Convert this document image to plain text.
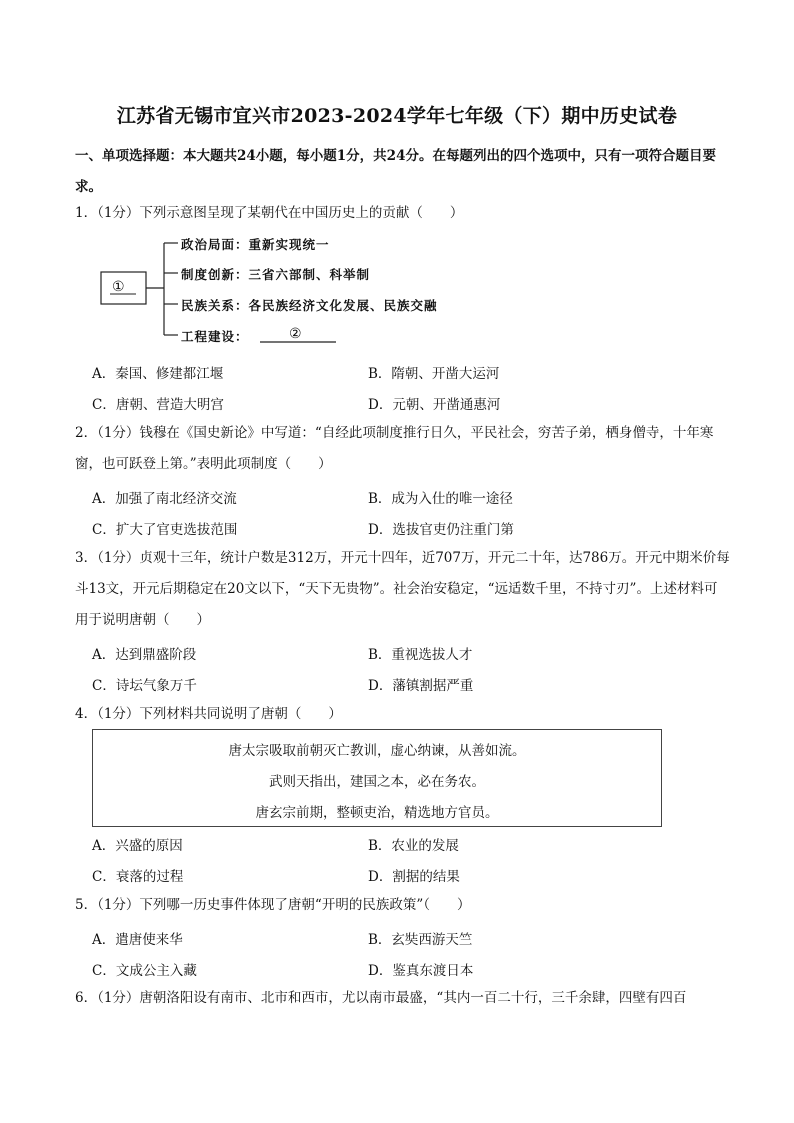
江苏省无锡市宜兴市2023-2024学年七年级（下）期中历史试卷
一、单项选择题：本大题共24小题，每小题1分，共24分。在每题列出的四个选项中，只有一项符合题目要求。
1．（1分）下列示意图呈现了某朝代在中国历史上的贡献（　　）
①
政治局面：重新实现统一
制度创新：三省六部制、科举制
民族关系：各民族经济文化发展、民族交融
工程建设：	②
A．秦国、修建都江堰	B．隋朝、开凿大运河
C．唐朝、营造大明宫	D．元朝、开凿通惠河
2．（1分）钱穆在《国史新论》中写道：“自经此项制度推行日久，平民社会，穷苦子弟，栖身僧寺，十年寒窗，也可跃登上第。”表明此项制度（　　）
A．加强了南北经济交流	B．成为入仕的唯一途径
C．扩大了官吏选拔范围	D．选拔官吏仍注重门第
3．（1分）贞观十三年，统计户数是312万，开元十四年，近707万，开元二十年，达786万。开元中期米价每斗13文，开元后期稳定在20文以下，“天下无贵物”。社会治安稳定，“远适数千里，不持寸刃”。上述材料可用于说明唐朝（　　）
A．达到鼎盛阶段	B．重视选拔人才
C．诗坛气象万千	D．藩镇割据严重
4．（1分）下列材料共同说明了唐朝（　　）
唐太宗吸取前朝灭亡教训，虚心纳谏，从善如流。
武则天指出，建国之本，必在务农。
唐玄宗前期，整顿吏治，精选地方官员。
A．兴盛的原因	B．农业的发展
C．衰落的过程	D．割据的结果
5．（1分）下列哪一历史事件体现了唐朝“开明的民族政策”（　　）
A．遣唐使来华	B．玄奘西游天竺
C．文成公主入藏	D．鉴真东渡日本
6．（1分）唐朝洛阳设有南市、北市和西市，尤以南市最盛，“其内一百二十行，三千余肆，四壁有四百
